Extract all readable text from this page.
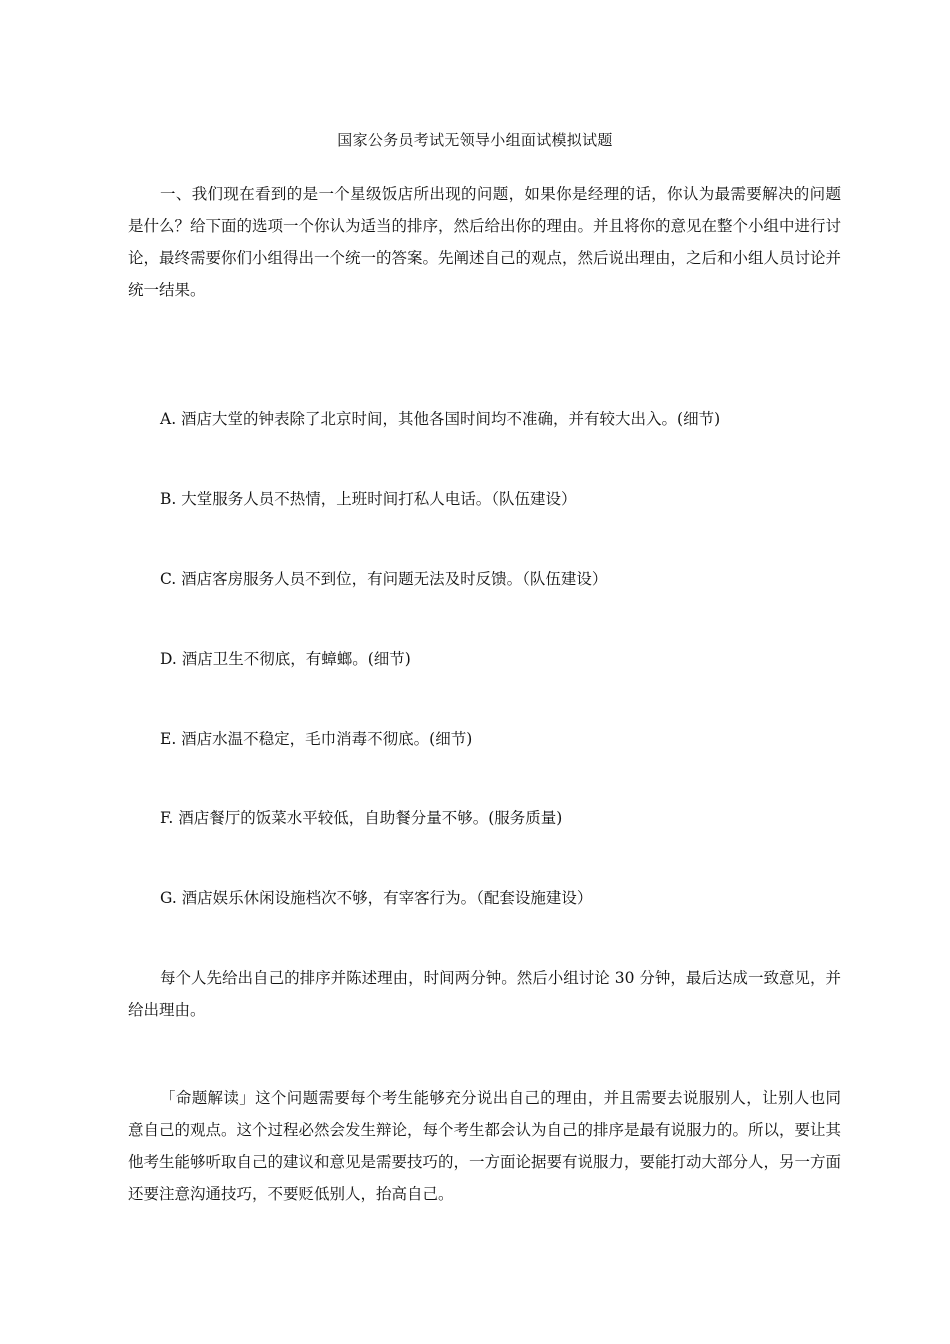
国家公务员考试无领导小组面试模拟试题

一、我们现在看到的是一个星级饭店所出现的问题，如果你是经理的话，你认为最需要解决的问题是什么？给下面的选项一个你认为适当的排序，然后给出你的理由。并且将你的意见在整个小组中进行讨论，最终需要你们小组得出一个统一的答案。先阐述自己的观点，然后说出理由，之后和小组人员讨论并统一结果。

A. 酒店大堂的钟表除了北京时间，其他各国时间均不准确，并有较大出入。(细节)

B. 大堂服务人员不热情，上班时间打私人电话。（队伍建设）

C. 酒店客房服务人员不到位，有问题无法及时反馈。（队伍建设）

D. 酒店卫生不彻底，有蟑螂。(细节)

E. 酒店水温不稳定，毛巾消毒不彻底。(细节)

F. 酒店餐厅的饭菜水平较低，自助餐分量不够。(服务质量)

G. 酒店娱乐休闲设施档次不够，有宰客行为。（配套设施建设）

每个人先给出自己的排序并陈述理由，时间两分钟。然后小组讨论 30 分钟，最后达成一致意见，并给出理由。

「命题解读」这个问题需要每个考生能够充分说出自己的理由，并且需要去说服别人，让别人也同意自己的观点。这个过程必然会发生辩论，每个考生都会认为自己的排序是最有说服力的。所以，要让其他考生能够听取自己的建议和意见是需要技巧的，一方面论据要有说服力，要能打动大部分人，另一方面还要注意沟通技巧，不要贬低别人，抬高自己。
